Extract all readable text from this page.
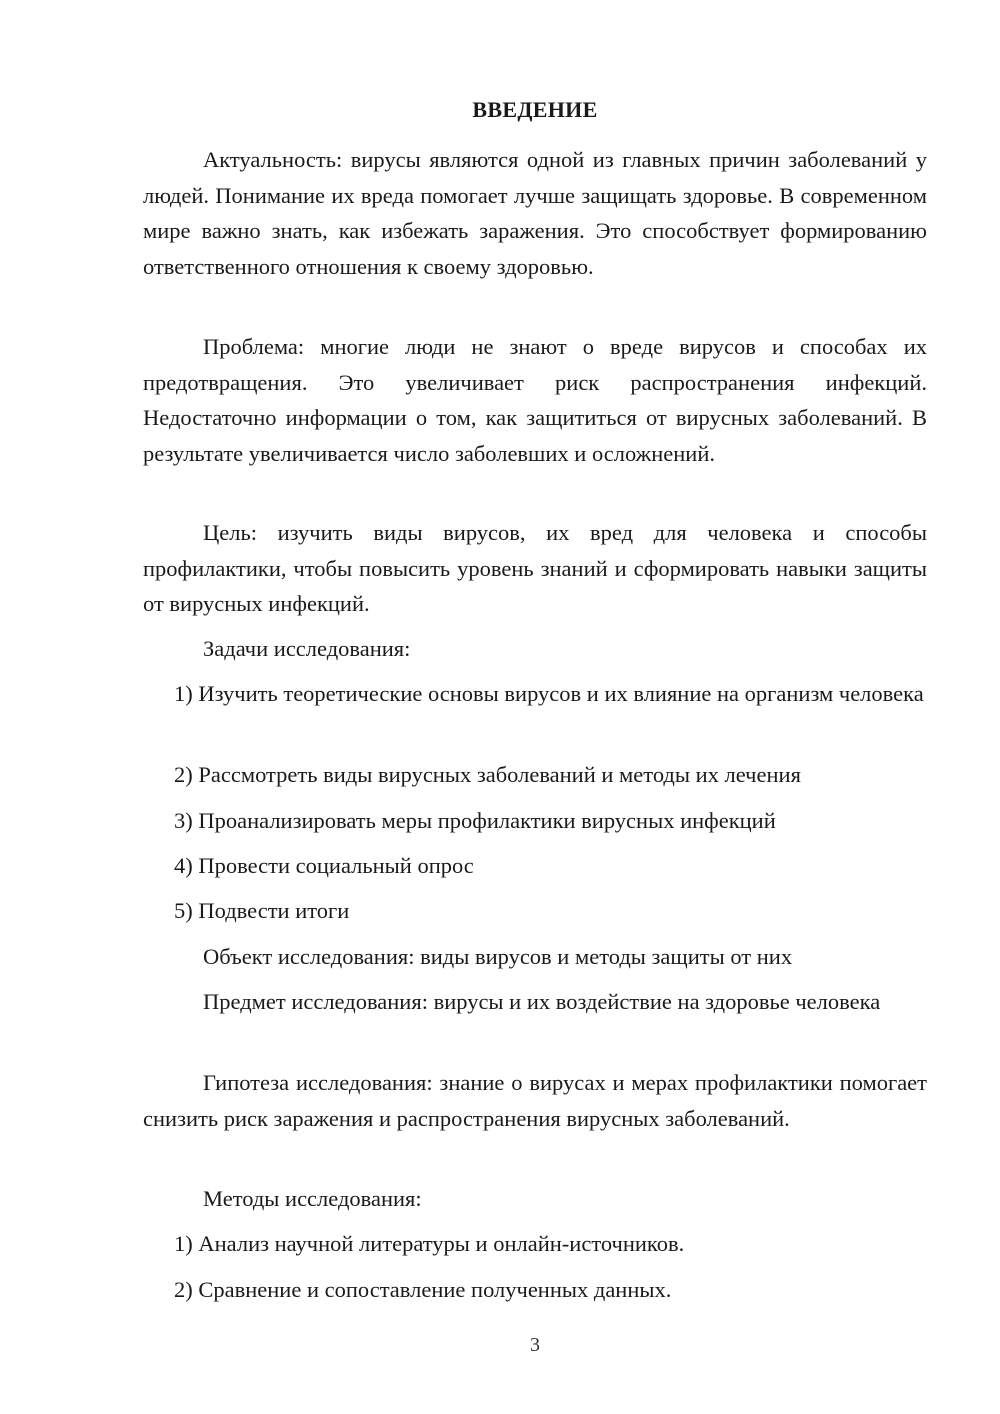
ВВЕДЕНИЕ

Актуальность: вирусы являются одной из главных причин заболеваний у людей. Понимание их вреда помогает лучше защищать здоровье. В современном мире важно знать, как избежать заражения. Это способствует формированию ответственного отношения к своему здоровью.

Проблема: многие люди не знают о вреде вирусов и способах их предотвращения. Это увеличивает риск распространения инфекций. Недостаточно информации о том, как защититься от вирусных заболеваний. В результате увеличивается число заболевших и осложнений.

Цель: изучить виды вирусов, их вред для человека и способы профилактики, чтобы повысить уровень знаний и сформировать навыки защиты от вирусных инфекций.

Задачи исследования:

1) Изучить теоретические основы вирусов и их влияние на организм человека

2) Рассмотреть виды вирусных заболеваний и методы их лечения

3) Проанализировать меры профилактики вирусных инфекций

4) Провести социальный опрос

5) Подвести итоги

Объект исследования: виды вирусов и методы защиты от них

Предмет исследования: вирусы и их воздействие на здоровье человека

Гипотеза исследования: знание о вирусах и мерах профилактики помогает снизить риск заражения и распространения вирусных заболеваний.

Методы исследования:

1) Анализ научной литературы и онлайн-источников.

2) Сравнение и сопоставление полученных данных.

3
